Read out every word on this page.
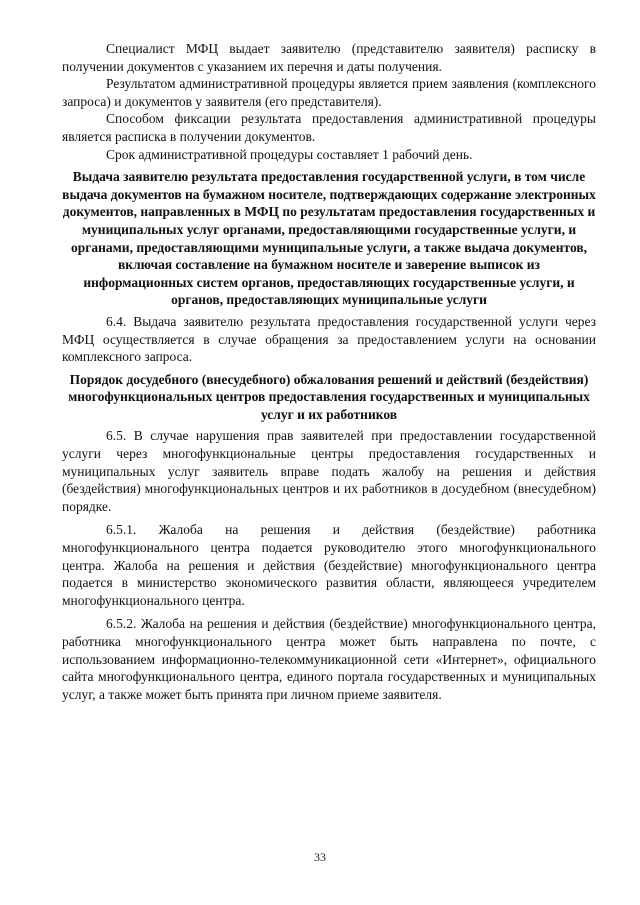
Специалист МФЦ выдает заявителю (представителю заявителя) расписку в получении документов с указанием их перечня и даты получения.

Результатом административной процедуры является прием заявления (комплексного запроса) и документов у заявителя (его представителя).

Способом фиксации результата предоставления административной процедуры является расписка в получении документов.

Срок административной процедуры составляет 1 рабочий день.

Выдача заявителю результата предоставления государственной услуги, в том числе выдача документов на бумажном носителе, подтверждающих содержание электронных документов, направленных в МФЦ по результатам предоставления государственных и муниципальных услуг органами, предоставляющими государственные услуги, и органами, предоставляющими муниципальные услуги, а также выдача документов, включая составление на бумажном носителе и заверение выписок из информационных систем органов, предоставляющих государственные услуги, и органов, предоставляющих муниципальные услуги

6.4. Выдача заявителю результата предоставления государственной услуги через МФЦ осуществляется в случае обращения за предоставлением услуги на основании комплексного запроса.

Порядок досудебного (внесудебного) обжалования решений и действий (бездействия) многофункциональных центров предоставления государственных и муниципальных услуг и их работников

6.5. В случае нарушения прав заявителей при предоставлении государственной услуги через многофункциональные центры предоставления государственных и муниципальных услуг заявитель вправе подать жалобу на решения и действия (бездействия) многофункциональных центров и их работников в досудебном (внесудебном) порядке.

6.5.1. Жалоба на решения и действия (бездействие) работника многофункционального центра подается руководителю этого многофункционального центра. Жалоба на решения и действия (бездействие) многофункционального центра подается в министерство экономического развития области, являющееся учредителем многофункционального центра.

6.5.2. Жалоба на решения и действия (бездействие) многофункционального центра, работника многофункционального центра может быть направлена по почте, с использованием информационно-телекоммуникационной сети «Интернет», официального сайта многофункционального центра, единого портала государственных и муниципальных услуг, а также может быть принята при личном приеме заявителя.

33
